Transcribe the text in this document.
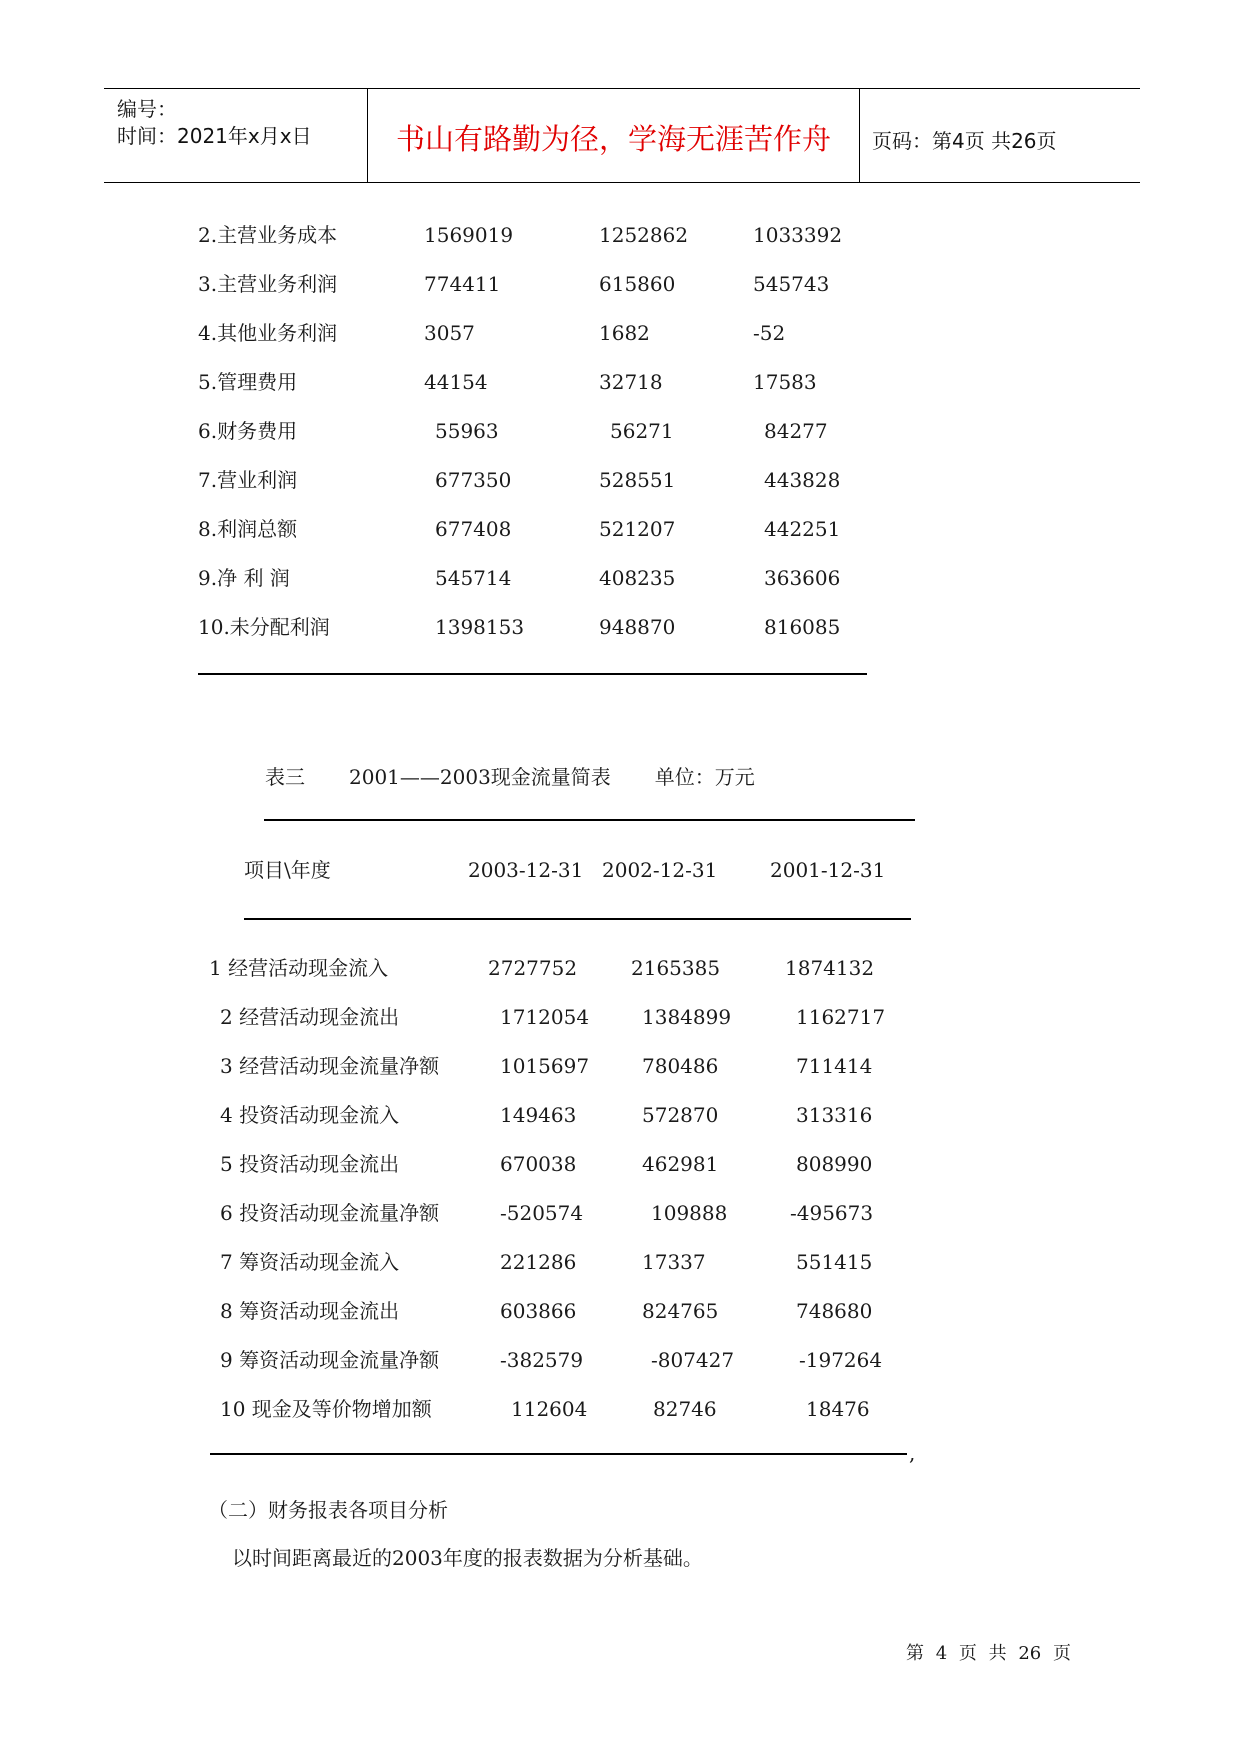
编号：
时间：2021年x月x日	书山有路勤为径，学海无涯苦作舟	页码：第4页 共26页
2.主营业务成本	1569019	1252862	1033392
3.主营业务利润	774411	615860	545743
4.其他业务利润	3057	1682	-52
5.管理费用	44154	32718	17583
6.财务费用	55963	56271	84277
7.营业利润	677350	528551	443828
8.利润总额	677408	521207	442251
9.净 利 润	545714	408235	363606
10.未分配利润	1398153	948870	816085
表三 2001——2003现金流量简表 单位：万元
项目\年度	2003-12-31 2002-12-31	2001-12-31
1 经营活动现金流入	2727752	2165385	1874132
2 经营活动现金流出	1712054	1384899	1162717
3 经营活动现金流量净额	1015697	780486	711414
4 投资活动现金流入	149463	572870	313316
5 投资活动现金流出	670038	462981	808990
6 投资活动现金流量净额	-520574	109888	-495673
7 筹资活动现金流入	221286	17337	551415
8 筹资活动现金流出	603866	824765	748680
9 筹资活动现金流量净额	-382579	-807427	-197264
10 现金及等价物增加额	112604	82746	18476
,
（二）财务报表各项目分析
以时间距离最近的2003年度的报表数据为分析基础。
第 4 页 共 26 页
